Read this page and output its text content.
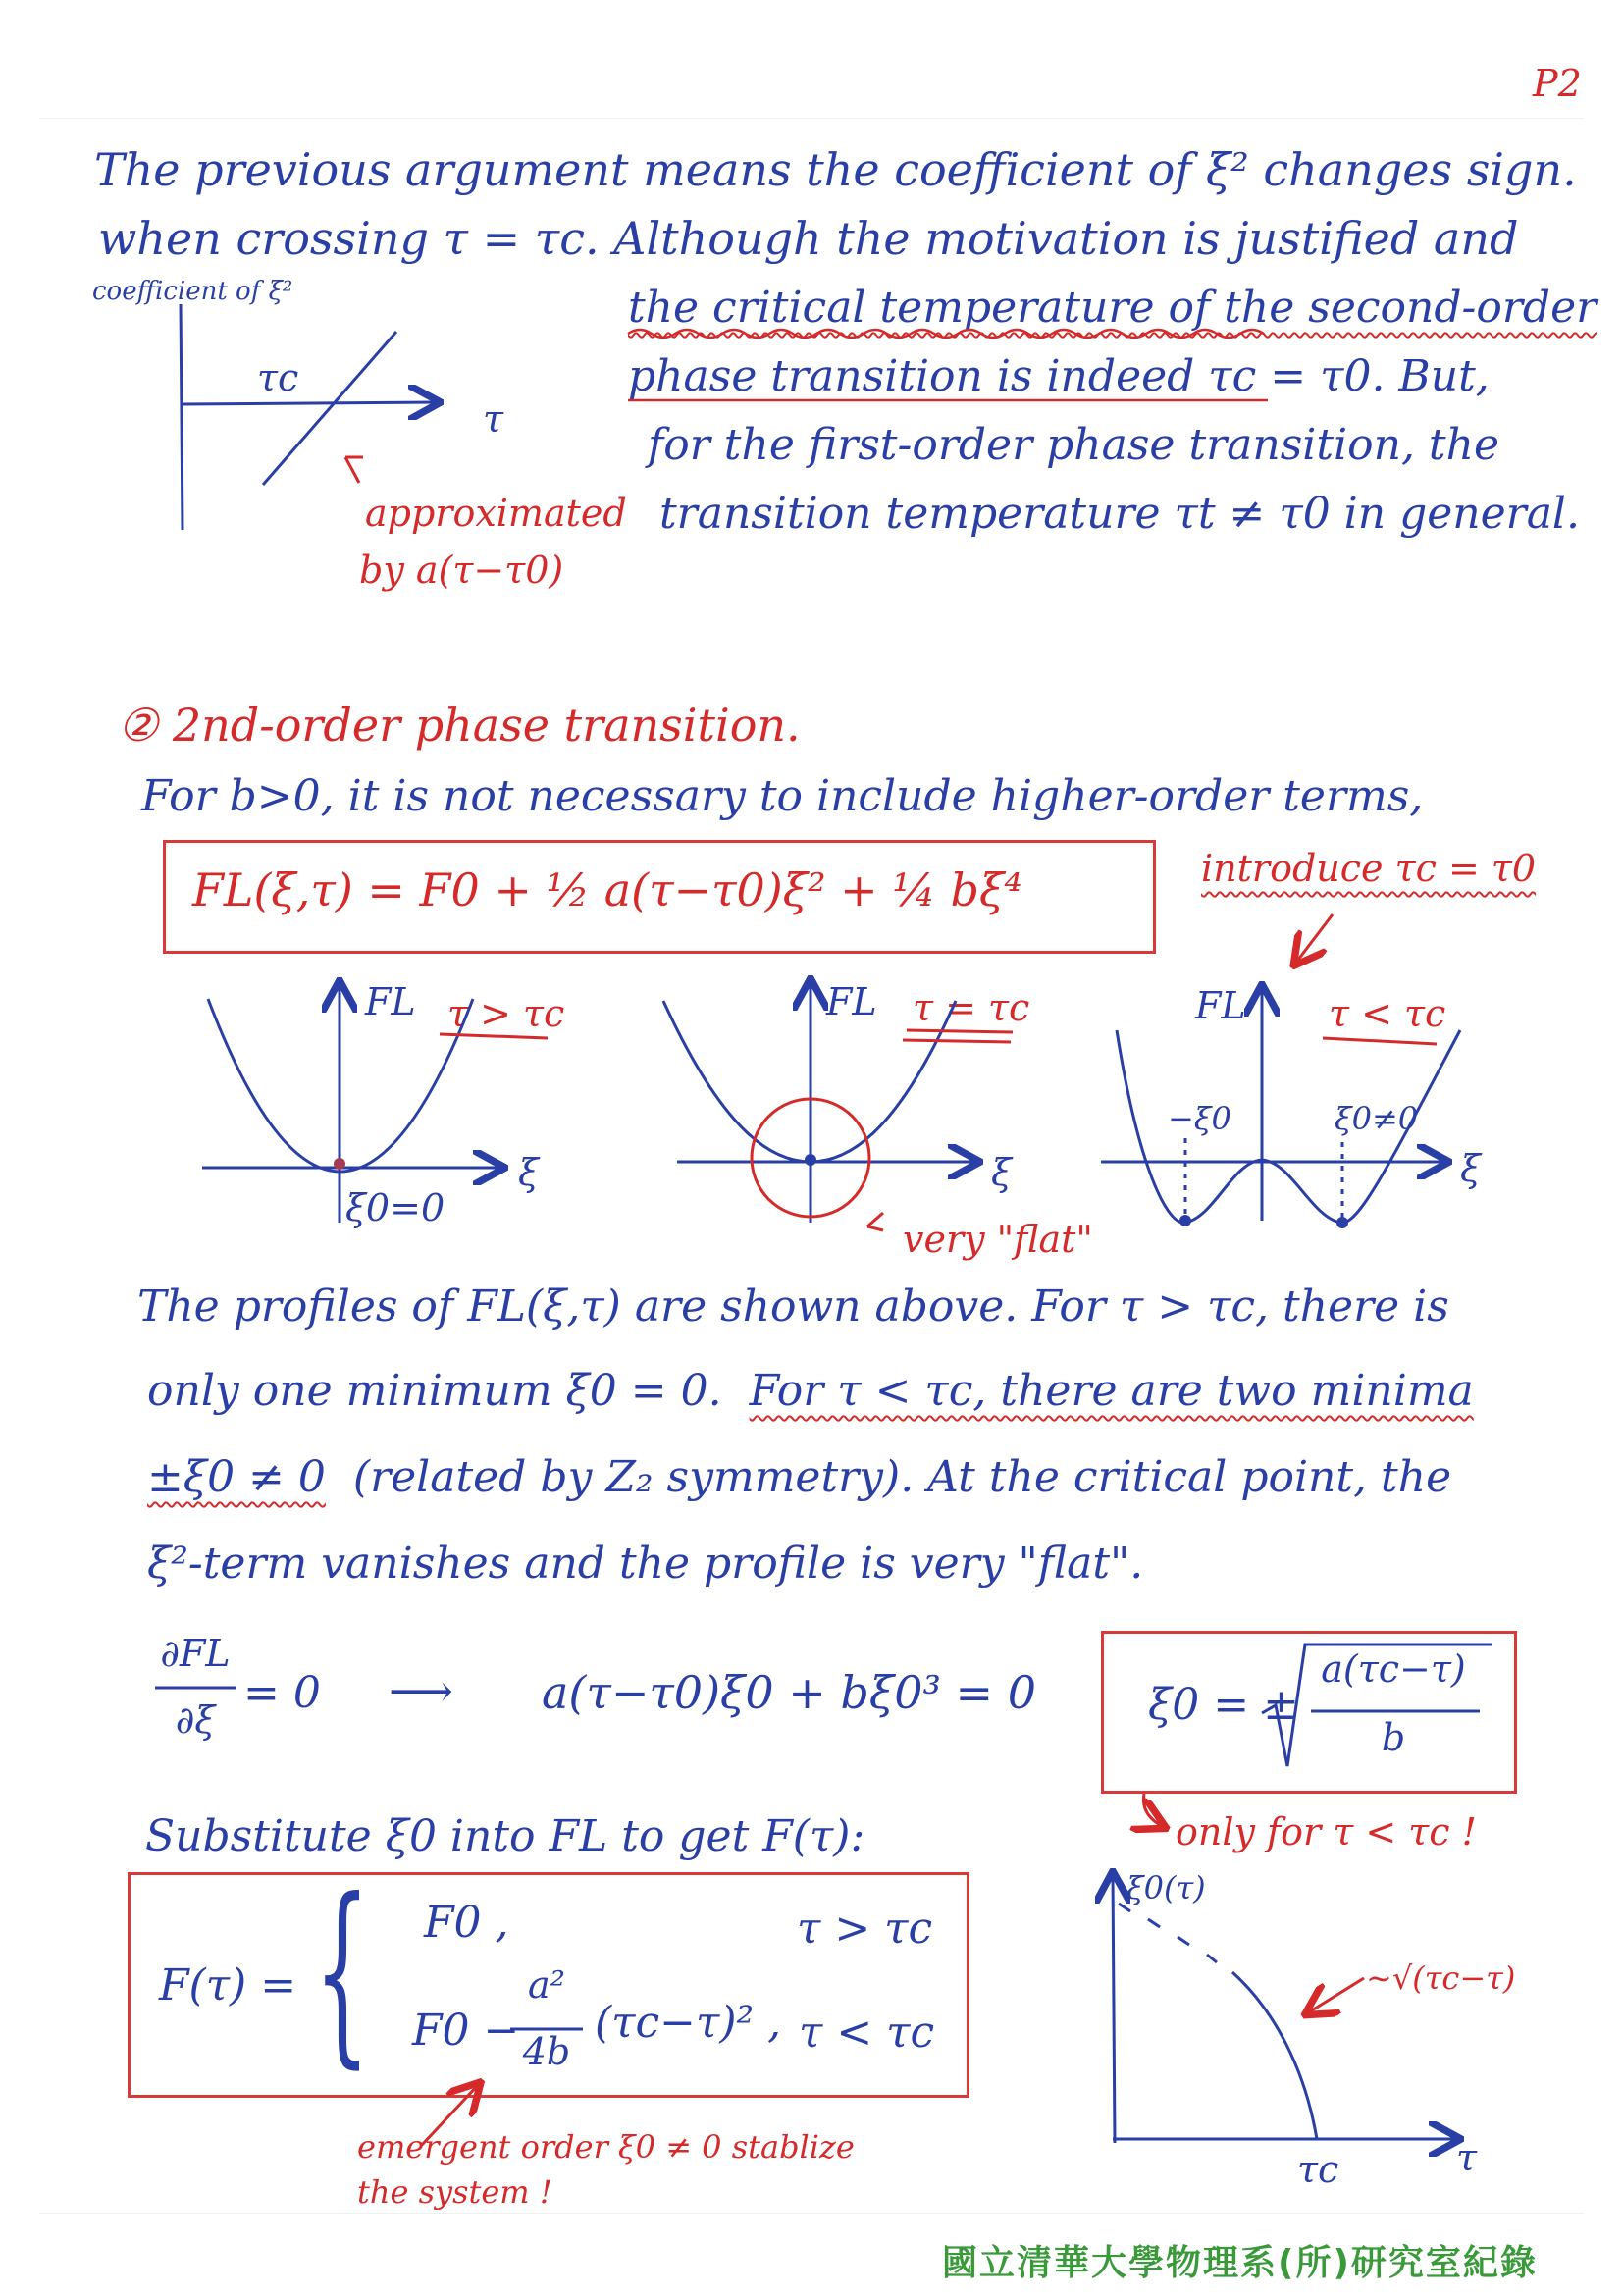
P2
The previous argument means the coefficient of ξ² changes sign.
when crossing τ = τc. Although the motivation is justified and
the critical temperature of the second-order
phase transition is indeed τc = τ0. But,
for the first-order phase transition, the
transition temperature τt ≠ τ0 in general.
coefficient of ξ²
τc
τ
approximated
by a(τ−τ0)
② 2nd-order phase transition.
For b>0, it is not necessary to include higher-order terms,
FL(ξ,τ) = F0 + ½ a(τ−τ0)ξ² + ¼ bξ⁴	introduce τc = τ0
FL τ > τc
ξ0=0
ξ
FL τ = τc
ξ
very "flat"
FL τ < τc
−ξ0	ξ0≠0
ξ
The profiles of FL(ξ,τ) are shown above. For τ > τc, there is
only one minimum ξ0 = 0. For τ < τc, there are two minima
±ξ0 ≠ 0 (related by Z₂ symmetry). At the critical point, the
ξ²-term vanishes and the profile is very "flat".
∂FL
∂ξ
= 0 ⟶ a(τ−τ0)ξ0 + bξ0³ = 0	ξ0 = ±
a(τc−τ)
b
only for τ < τc !
Substitute ξ0 into FL to get F(τ):
F(τ) = { F0 ,	τ > τc
F0 −
a²
4b
(τc−τ)² , τ < τc
emergent order ξ0 ≠ 0 stablize
the system !
ξ0(τ)
∼√(τc−τ)
τc	τ
國立清華大學物理系(所)研究室紀錄
